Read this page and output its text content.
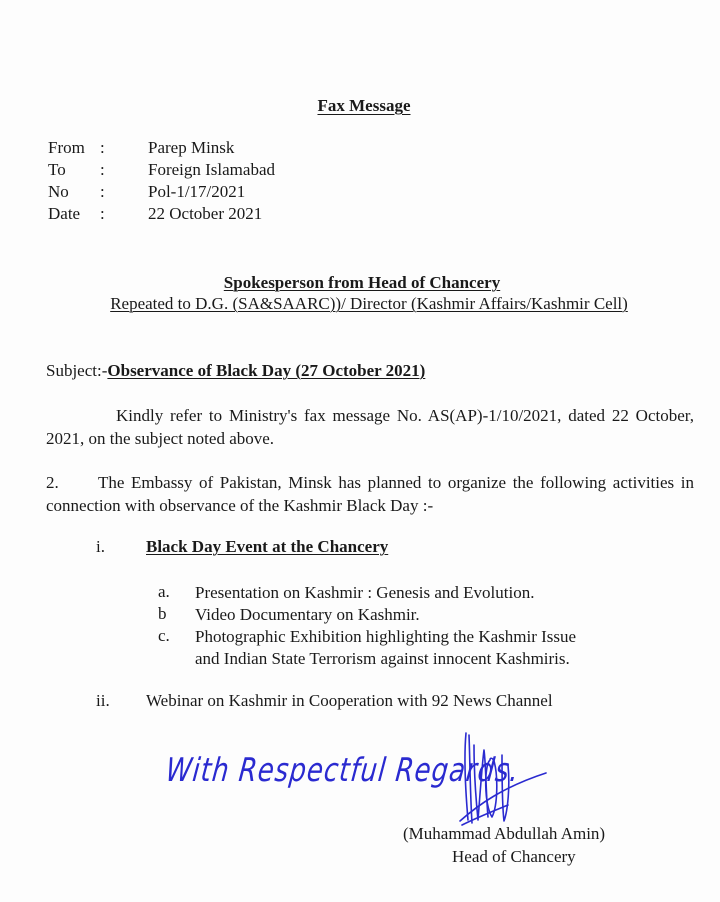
Fax Message
From :	Parep Minsk
To :	Foreign Islamabad
No :	Pol-1/17/2021
Date :	22 October 2021
Spokesperson from Head of Chancery
Repeated to D.G. (SA&SAARC))/ Director (Kashmir Affairs/Kashmir Cell)
Subject:-Observance of Black Day (27 October 2021)
Kindly refer to Ministry's fax message No. AS(AP)-1/10/2021, dated 22 October, 2021, on the subject noted above.
2. The Embassy of Pakistan, Minsk has planned to organize the following activities in connection with observance of the Kashmir Black Day :-
i. Black Day Event at the Chancery
a. Presentation on Kashmir : Genesis and Evolution.
b Video Documentary on Kashmir.
c. Photographic Exhibition highlighting the Kashmir Issue
and Indian State Terrorism against innocent Kashmiris.
ii. Webinar on Kashmir in Cooperation with 92 News Channel
With Respectful Regards.
(Muhammad Abdullah Amin)
Head of Chancery
